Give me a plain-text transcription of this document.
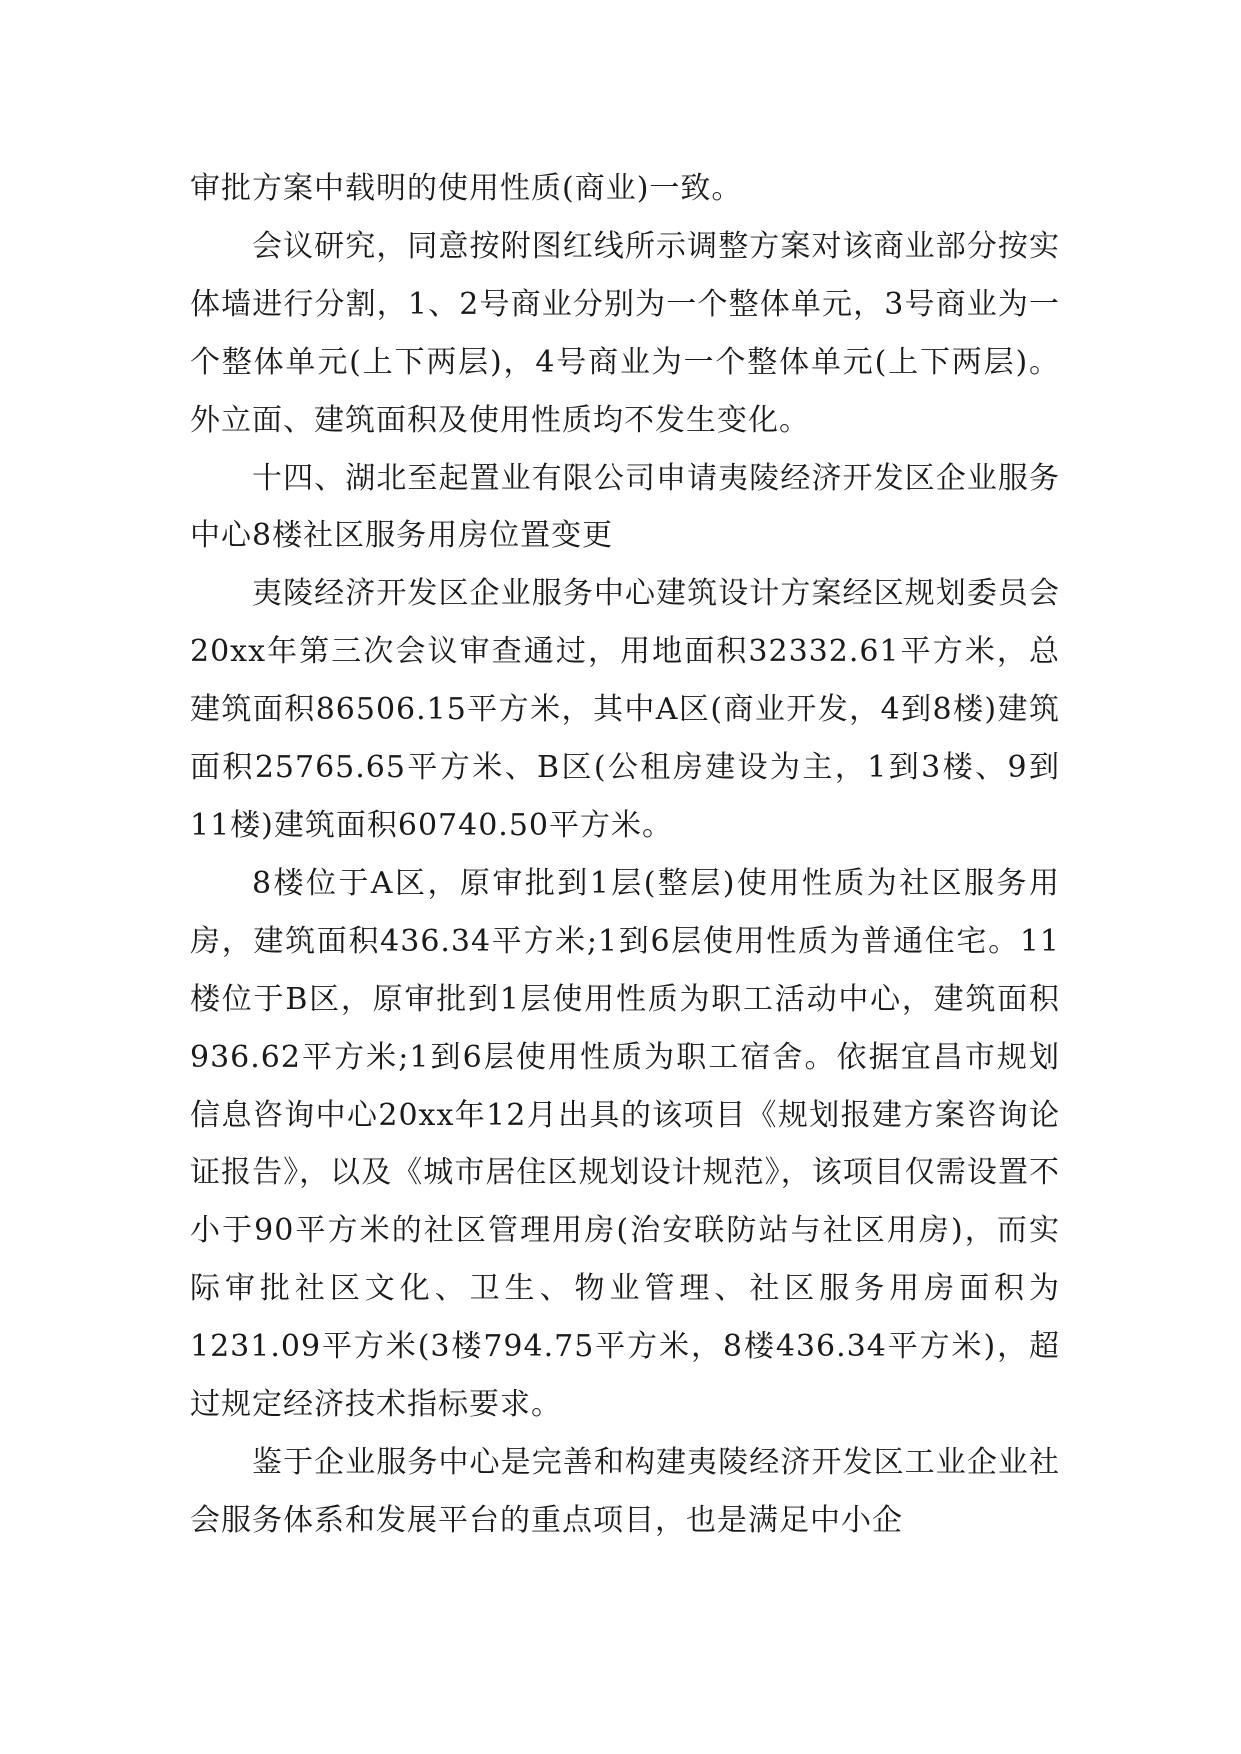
审批方案中载明的使用性质(商业)一致。

会议研究，同意按附图红线所示调整方案对该商业部分按实体墙进行分割，1、2号商业分别为一个整体单元，3号商业为一个整体单元(上下两层)，4号商业为一个整体单元(上下两层)。外立面、建筑面积及使用性质均不发生变化。

十四、湖北至起置业有限公司申请夷陵经济开发区企业服务中心8楼社区服务用房位置变更

夷陵经济开发区企业服务中心建筑设计方案经区规划委员会20xx年第三次会议审查通过，用地面积32332.61平方米，总建筑面积86506.15平方米，其中A区(商业开发，4到8楼)建筑面积25765.65平方米、B区(公租房建设为主，1到3楼、9到11楼)建筑面积60740.50平方米。

8楼位于A区，原审批到1层(整层)使用性质为社区服务用房，建筑面积436.34平方米;1到6层使用性质为普通住宅。11楼位于B区，原审批到1层使用性质为职工活动中心，建筑面积936.62平方米;1到6层使用性质为职工宿舍。依据宜昌市规划信息咨询中心20xx年12月出具的该项目《规划报建方案咨询论证报告》，以及《城市居住区规划设计规范》，该项目仅需设置不小于90平方米的社区管理用房(治安联防站与社区用房)，而实际审批社区文化、卫生、物业管理、社区服务用房面积为1231.09平方米(3楼794.75平方米，8楼436.34平方米)，超过规定经济技术指标要求。

鉴于企业服务中心是完善和构建夷陵经济开发区工业企业社会服务体系和发展平台的重点项目，也是满足中小企
